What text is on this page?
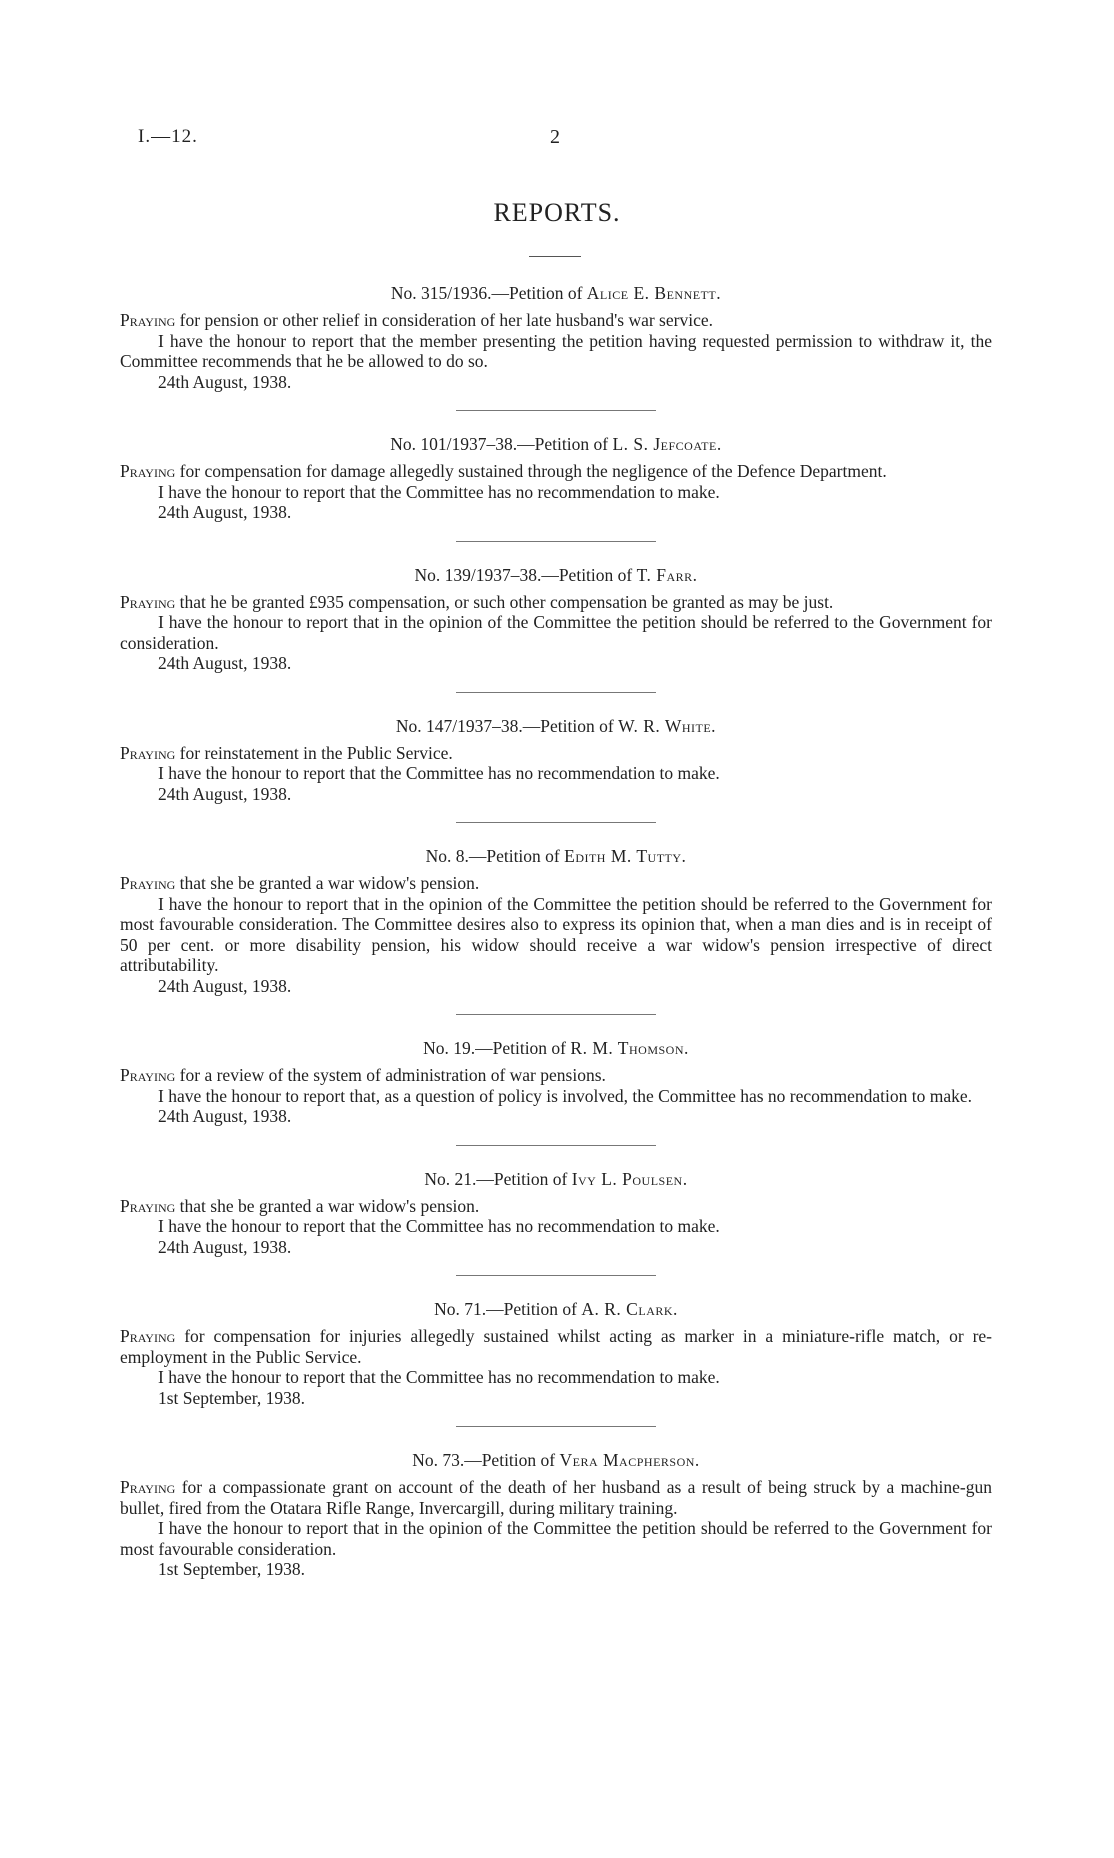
I.—12.	2
REPORTS.
No. 315/1936.—Petition of Alice E. Bennett.

Praying for pension or other relief in consideration of her late husband's war service.

I have the honour to report that the member presenting the petition having requested permission to withdraw it, the Committee recommends that he be allowed to do so.

24th August, 1938.

No. 101/1937–38.—Petition of L. S. Jefcoate.

Praying for compensation for damage allegedly sustained through the negligence of the Defence Department.

I have the honour to report that the Committee has no recommendation to make.

24th August, 1938.

No. 139/1937–38.—Petition of T. Farr.

Praying that he be granted £935 compensation, or such other compensation be granted as may be just.

I have the honour to report that in the opinion of the Committee the petition should be referred to the Government for consideration.

24th August, 1938.

No. 147/1937–38.—Petition of W. R. White.

Praying for reinstatement in the Public Service.

I have the honour to report that the Committee has no recommendation to make.

24th August, 1938.

No. 8.—Petition of Edith M. Tutty.

Praying that she be granted a war widow's pension.

I have the honour to report that in the opinion of the Committee the petition should be referred to the Government for most favourable consideration. The Committee desires also to express its opinion that, when a man dies and is in receipt of 50 per cent. or more disability pension, his widow should receive a war widow's pension irrespective of direct attributability.

24th August, 1938.

No. 19.—Petition of R. M. Thomson.

Praying for a review of the system of administration of war pensions.

I have the honour to report that, as a question of policy is involved, the Committee has no recommendation to make.

24th August, 1938.

No. 21.—Petition of Ivy L. Poulsen.

Praying that she be granted a war widow's pension.

I have the honour to report that the Committee has no recommendation to make.

24th August, 1938.

No. 71.—Petition of A. R. Clark.

Praying for compensation for injuries allegedly sustained whilst acting as marker in a miniature-rifle match, or re-employment in the Public Service.

I have the honour to report that the Committee has no recommendation to make.

1st September, 1938.

No. 73.—Petition of Vera Macpherson.

Praying for a compassionate grant on account of the death of her husband as a result of being struck by a machine-gun bullet, fired from the Otatara Rifle Range, Invercargill, during military training.

I have the honour to report that in the opinion of the Committee the petition should be referred to the Government for most favourable consideration.

1st September, 1938.
